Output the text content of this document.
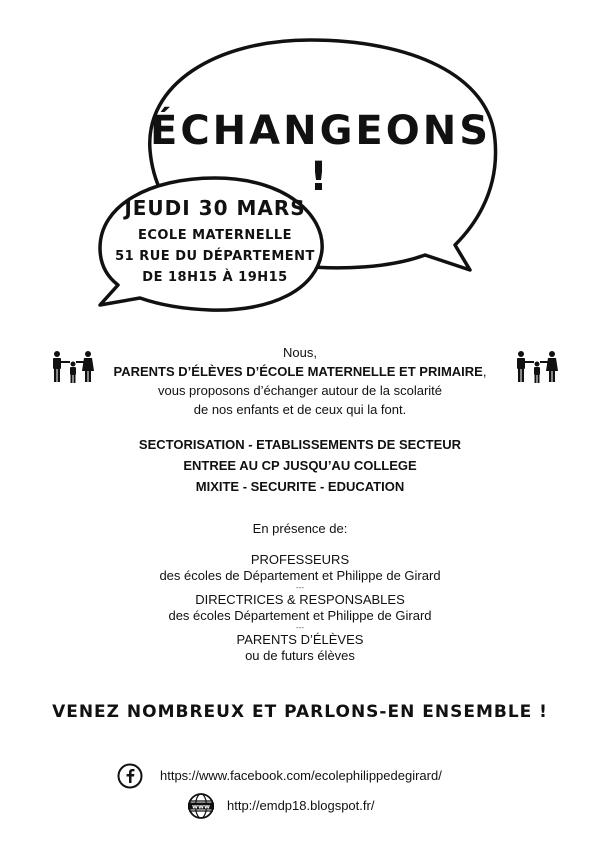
ÉCHANGEONS !
JEUDI 30 MARS
ECOLE MATERNELLE
51 RUE DU DÉPARTEMENT
DE 18H15 À 19H15
Nous,
PARENTS D’ÉLÈVES D’ÉCOLE MATERNELLE ET PRIMAIRE,
vous proposons d’échanger autour de la scolarité
de nos enfants et de ceux qui la font.
SECTORISATION - ETABLISSEMENTS DE SECTEUR
ENTREE AU CP JUSQU’AU COLLEGE
MIXITE - SECURITE - EDUCATION
En présence de:
PROFESSEURS
des écoles de Département et Philippe de Girard
---
DIRECTRICES & RESPONSABLES
des écoles Département et Philippe de Girard
---
PARENTS D’ÉLÈVES
ou de futurs élèves
VENEZ NOMBREUX ET PARLONS-EN ENSEMBLE !
https://www.facebook.com/ecolephilippedegirard/
www http://emdp18.blogspot.fr/
